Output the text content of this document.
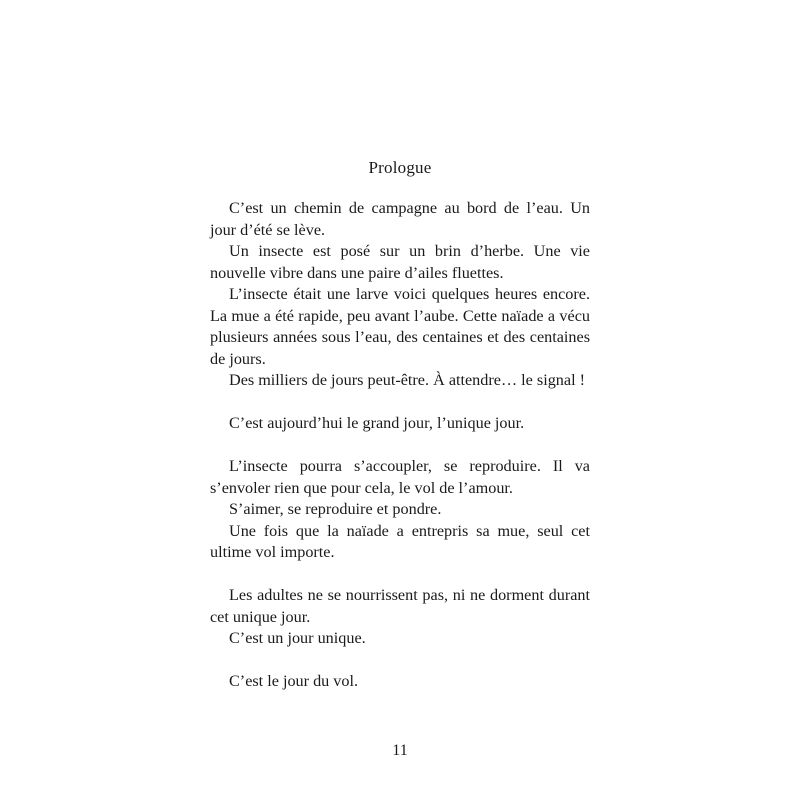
Prologue

C’est un chemin de campagne au bord de l’eau. Un jour d’été se lève.

Un insecte est posé sur un brin d’herbe. Une vie nouvelle vibre dans une paire d’ailes fluettes.

L’insecte était une larve voici quelques heures encore. La mue a été rapide, peu avant l’aube. Cette naïade a vécu plusieurs années sous l’eau, des centaines et des centaines de jours.

Des milliers de jours peut-être. À attendre… le signal !

C’est aujourd’hui le grand jour, l’unique jour.

L’insecte pourra s’accoupler, se reproduire. Il va s’envoler rien que pour cela, le vol de l’amour.

S’aimer, se reproduire et pondre.

Une fois que la naïade a entrepris sa mue, seul cet ultime vol importe.

Les adultes ne se nourrissent pas, ni ne dorment durant cet unique jour.

C’est un jour unique.

C’est le jour du vol.

11
